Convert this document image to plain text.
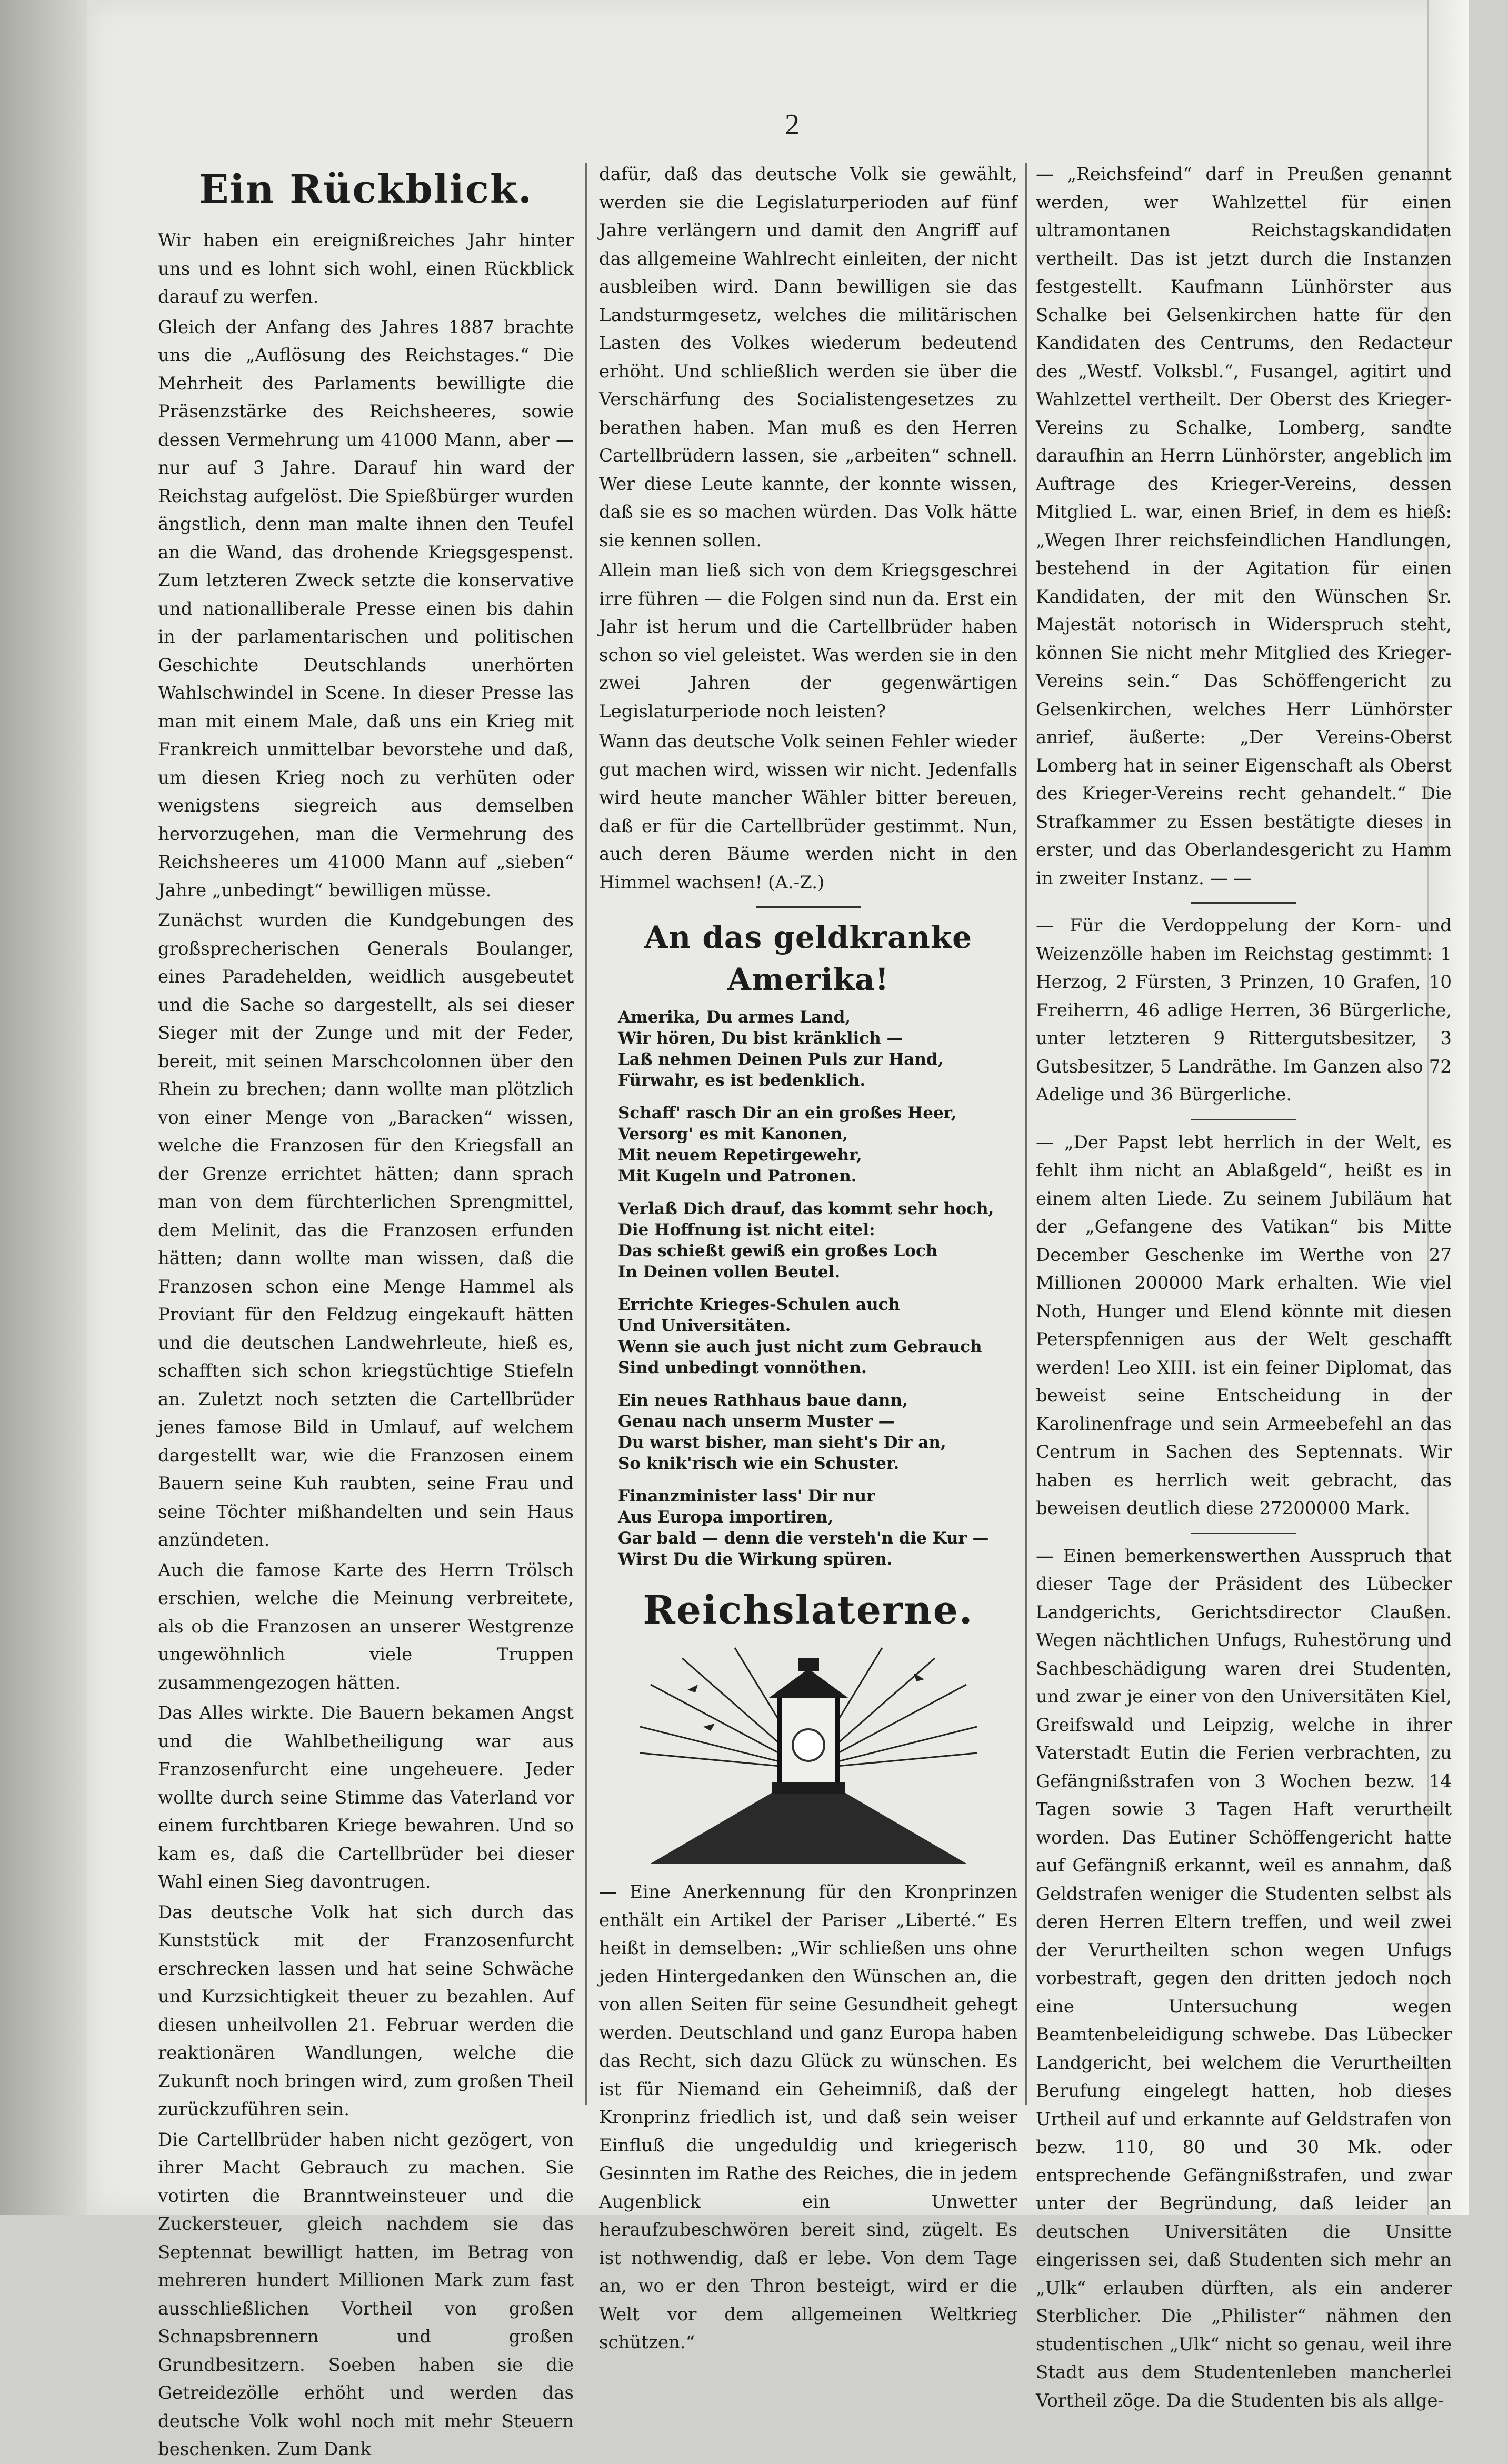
2
Ein Rückblick.

Wir haben ein ereignißreiches Jahr hinter uns und es lohnt sich wohl, einen Rückblick darauf zu werfen.

Gleich der Anfang des Jahres 1887 brachte uns die „Auflösung des Reichstages.“ Die Mehrheit des Parlaments bewilligte die Präsenzstärke des Reichsheeres, sowie dessen Vermehrung um 41000 Mann, aber — nur auf 3 Jahre. Darauf hin ward der Reichstag aufgelöst. Die Spießbürger wurden ängstlich, denn man malte ihnen den Teufel an die Wand, das drohende Kriegsgespenst. Zum letzteren Zweck setzte die konservative und nationalliberale Presse einen bis dahin in der parlamentarischen und politischen Geschichte Deutschlands unerhörten Wahlschwindel in Scene. In dieser Presse las man mit einem Male, daß uns ein Krieg mit Frankreich unmittelbar bevorstehe und daß, um diesen Krieg noch zu verhüten oder wenigstens siegreich aus demselben hervorzugehen, man die Vermehrung des Reichsheeres um 41000 Mann auf „sieben“ Jahre „unbedingt“ bewilligen müsse.

Zunächst wurden die Kundgebungen des großsprecherischen Generals Boulanger, eines Paradehelden, weidlich ausgebeutet und die Sache so dargestellt, als sei dieser Sieger mit der Zunge und mit der Feder, bereit, mit seinen Marschcolonnen über den Rhein zu brechen; dann wollte man plötzlich von einer Menge von „Baracken“ wissen, welche die Franzosen für den Kriegsfall an der Grenze errichtet hätten; dann sprach man von dem fürchterlichen Sprengmittel, dem Melinit, das die Franzosen erfunden hätten; dann wollte man wissen, daß die Franzosen schon eine Menge Hammel als Proviant für den Feldzug eingekauft hätten und die deutschen Landwehrleute, hieß es, schafften sich schon kriegstüchtige Stiefeln an. Zuletzt noch setzten die Cartellbrüder jenes famose Bild in Umlauf, auf welchem dargestellt war, wie die Franzosen einem Bauern seine Kuh raubten, seine Frau und seine Töchter mißhandelten und sein Haus anzündeten.

Auch die famose Karte des Herrn Trölsch erschien, welche die Meinung verbreitete, als ob die Franzosen an unserer Westgrenze ungewöhnlich viele Truppen zusammengezogen hätten.

Das Alles wirkte. Die Bauern bekamen Angst und die Wahlbetheiligung war aus Franzosenfurcht eine ungeheuere. Jeder wollte durch seine Stimme das Vaterland vor einem furchtbaren Kriege bewahren. Und so kam es, daß die Cartellbrüder bei dieser Wahl einen Sieg davontrugen.

Das deutsche Volk hat sich durch das Kunststück mit der Franzosenfurcht erschrecken lassen und hat seine Schwäche und Kurzsichtigkeit theuer zu bezahlen. Auf diesen unheilvollen 21. Februar werden die reaktionären Wandlungen, welche die Zukunft noch bringen wird, zum großen Theil zurückzuführen sein.

Die Cartellbrüder haben nicht gezögert, von ihrer Macht Gebrauch zu machen. Sie votirten die Branntweinsteuer und die Zuckersteuer, gleich nachdem sie das Septennat bewilligt hatten, im Betrag von mehreren hundert Millionen Mark zum fast ausschließlichen Vortheil von großen Schnapsbrennern und großen Grundbesitzern. Soeben haben sie die Getreidezölle erhöht und werden das deutsche Volk wohl noch mit mehr Steuern beschenken. Zum Dank

dafür, daß das deutsche Volk sie gewählt, werden sie die Legislaturperioden auf fünf Jahre verlängern und damit den Angriff auf das allgemeine Wahlrecht einleiten, der nicht ausbleiben wird. Dann bewilligen sie das Landsturmgesetz, welches die militärischen Lasten des Volkes wiederum bedeutend erhöht. Und schließlich werden sie über die Verschärfung des Socialistengesetzes zu berathen haben. Man muß es den Herren Cartellbrüdern lassen, sie „arbeiten“ schnell. Wer diese Leute kannte, der konnte wissen, daß sie es so machen würden. Das Volk hätte sie kennen sollen.

Allein man ließ sich von dem Kriegsgeschrei irre führen — die Folgen sind nun da. Erst ein Jahr ist herum und die Cartellbrüder haben schon so viel geleistet. Was werden sie in den zwei Jahren der gegenwärtigen Legislaturperiode noch leisten?

Wann das deutsche Volk seinen Fehler wieder gut machen wird, wissen wir nicht. Jedenfalls wird heute mancher Wähler bitter bereuen, daß er für die Cartellbrüder gestimmt. Nun, auch deren Bäume werden nicht in den Himmel wachsen! (A.-Z.)

An das geldkranke Amerika!
Amerika, Du armes Land,
Wir hören, Du bist kränklich —
Laß nehmen Deinen Puls zur Hand,
Fürwahr, es ist bedenklich.
Schaff' rasch Dir an ein großes Heer,
Versorg' es mit Kanonen,
Mit neuem Repetirgewehr,
Mit Kugeln und Patronen.
Verlaß Dich drauf, das kommt sehr hoch,
Die Hoffnung ist nicht eitel:
Das schießt gewiß ein großes Loch
In Deinen vollen Beutel.
Errichte Krieges-Schulen auch
Und Universitäten.
Wenn sie auch just nicht zum Gebrauch
Sind unbedingt vonnöthen.
Ein neues Rathhaus baue dann,
Genau nach unserm Muster —
Du warst bisher, man sieht's Dir an,
So knik'risch wie ein Schuster.
Finanzminister lass' Dir nur
Aus Europa importiren,
Gar bald — denn die versteh'n die Kur —
Wirst Du die Wirkung spüren.
Reichslaterne.

— Eine Anerkennung für den Kronprinzen enthält ein Artikel der Pariser „Liberté.“ Es heißt in demselben: „Wir schließen uns ohne jeden Hintergedanken den Wünschen an, die von allen Seiten für seine Gesundheit gehegt werden. Deutschland und ganz Europa haben das Recht, sich dazu Glück zu wünschen. Es ist für Niemand ein Geheimniß, daß der Kronprinz friedlich ist, und daß sein weiser Einfluß die ungeduldig und kriegerisch Gesinnten im Rathe des Reiches, die in jedem Augenblick ein Unwetter heraufzubeschwören bereit sind, zügelt. Es ist nothwendig, daß er lebe. Von dem Tage an, wo er den Thron besteigt, wird er die Welt vor dem allgemeinen Weltkrieg schützen.“

— „Reichsfeind“ darf in Preußen genannt werden, wer Wahlzettel für einen ultramontanen Reichstagskandidaten vertheilt. Das ist jetzt durch die Instanzen festgestellt. Kaufmann Lünhörster aus Schalke bei Gelsenkirchen hatte für den Kandidaten des Centrums, den Redacteur des „Westf. Volksbl.“, Fusangel, agitirt und Wahlzettel vertheilt. Der Oberst des Krieger-Vereins zu Schalke, Lomberg, sandte daraufhin an Herrn Lünhörster, angeblich im Auftrage des Krieger-Vereins, dessen Mitglied L. war, einen Brief, in dem es hieß: „Wegen Ihrer reichsfeindlichen Handlungen, bestehend in der Agitation für einen Kandidaten, der mit den Wünschen Sr. Majestät notorisch in Widerspruch steht, können Sie nicht mehr Mitglied des Krieger-Vereins sein.“ Das Schöffengericht zu Gelsenkirchen, welches Herr Lünhörster anrief, äußerte: „Der Vereins-Oberst Lomberg hat in seiner Eigenschaft als Oberst des Krieger-Vereins recht gehandelt.“ Die Strafkammer zu Essen bestätigte dieses in erster, und das Oberlandesgericht zu Hamm in zweiter Instanz. — —

— Für die Verdoppelung der Korn- und Weizenzölle haben im Reichstag gestimmt: 1 Herzog, 2 Fürsten, 3 Prinzen, 10 Grafen, 10 Freiherrn, 46 adlige Herren, 36 Bürgerliche, unter letzteren 9 Rittergutsbesitzer, 3 Gutsbesitzer, 5 Landräthe. Im Ganzen also 72 Adelige und 36 Bürgerliche.

— „Der Papst lebt herrlich in der Welt, es fehlt ihm nicht an Ablaßgeld“, heißt es in einem alten Liede. Zu seinem Jubiläum hat der „Gefangene des Vatikan“ bis Mitte December Geschenke im Werthe von 27 Millionen 200000 Mark erhalten. Wie viel Noth, Hunger und Elend könnte mit diesen Peterspfennigen aus der Welt geschafft werden! Leo XIII. ist ein feiner Diplomat, das beweist seine Entscheidung in der Karolinenfrage und sein Armeebefehl an das Centrum in Sachen des Septennats. Wir haben es herrlich weit gebracht, das beweisen deutlich diese 27200000 Mark.

— Einen bemerkenswerthen Ausspruch that dieser Tage der Präsident des Lübecker Landgerichts, Gerichtsdirector Claußen. Wegen nächtlichen Unfugs, Ruhestörung und Sachbeschädigung waren drei Studenten, und zwar je einer von den Universitäten Kiel, Greifswald und Leipzig, welche in ihrer Vaterstadt Eutin die Ferien verbrachten, zu Gefängnißstrafen von 3 Wochen bezw. 14 Tagen sowie 3 Tagen Haft verurtheilt worden. Das Eutiner Schöffengericht hatte auf Gefängniß erkannt, weil es annahm, daß Geldstrafen weniger die Studenten selbst als deren Herren Eltern treffen, und weil zwei der Verurtheilten schon wegen Unfugs vorbestraft, gegen den dritten jedoch noch eine Untersuchung wegen Beamtenbeleidigung schwebe. Das Lübecker Landgericht, bei welchem die Verurtheilten Berufung eingelegt hatten, hob dieses Urtheil auf und erkannte auf Geldstrafen von bezw. 110, 80 und 30 Mk. oder entsprechende Gefängnißstrafen, und zwar unter der Begründung, daß leider an deutschen Universitäten die Unsitte eingerissen sei, daß Studenten sich mehr an „Ulk“ erlauben dürften, als ein anderer Sterblicher. Die „Philister“ nähmen den studentischen „Ulk“ nicht so genau, weil ihre Stadt aus dem Studentenleben mancherlei Vortheil zöge. Da die Studenten bis als allge-
